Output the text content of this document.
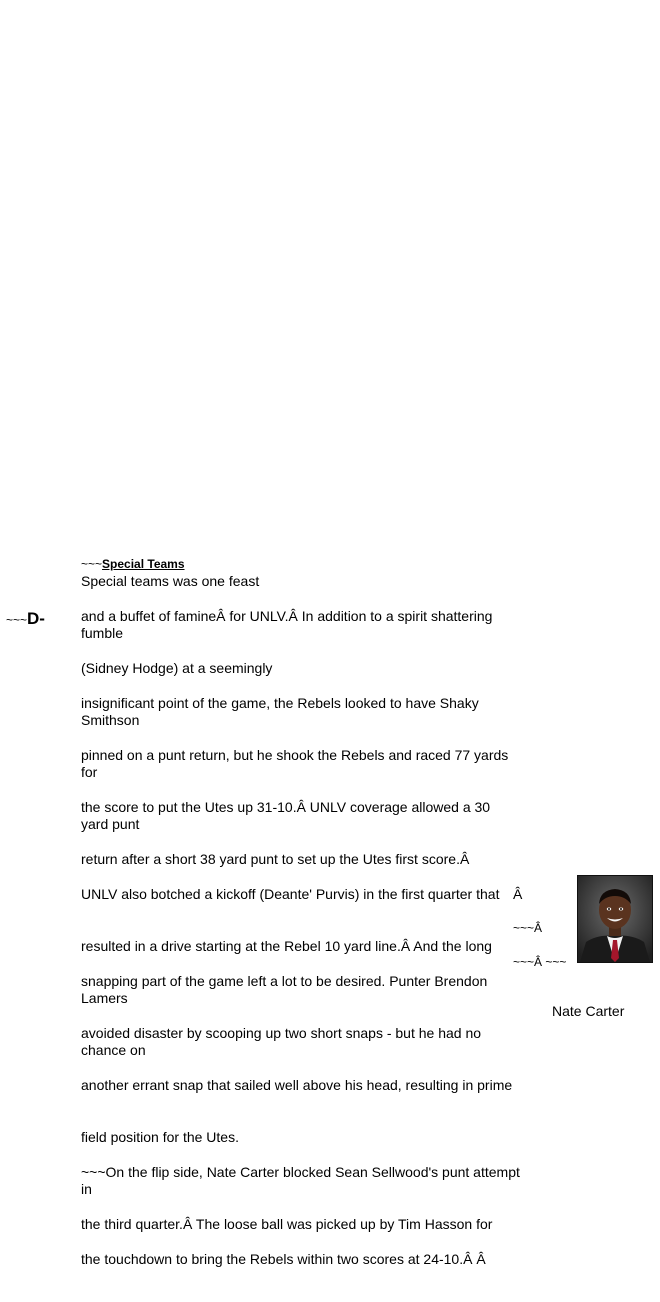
~~~D-
~~~Special Teams
Special teams was one feast
and a buffet of famineÂ for UNLV.Â In addition to a spirit shattering fumble
(Sidney Hodge) at a seemingly
insignificant point of the game, the Rebels looked to have Shaky Smithson
pinned on a punt return, but he shook the Rebels and raced 77 yards for
the score to put the Utes up 31-10.Â UNLV coverage allowed a 30 yard punt
return after a short 38 yard punt to set up the Utes first score.Â
UNLV also botched a kickoff (Deante' Purvis) in the first quarter that
resulted in a drive starting at the Rebel 10 yard line.Â And the long
snapping part of the game left a lot to be desired. Punter Brendon Lamers
avoided disaster by scooping up two short snaps - but he had no chance on
another errant snap that sailed well above his head, resulting in prime
field position for the Utes.
~~~On the flip side, Nate Carter blocked Sean Sellwood's punt attempt in
the third quarter.Â The loose ball was picked up by Tim Hasson for
the touchdown to bring the Rebels within two scores at 24-10.Â Â
Â
~~~Â
~~~Â ~~~
Nate Carter
